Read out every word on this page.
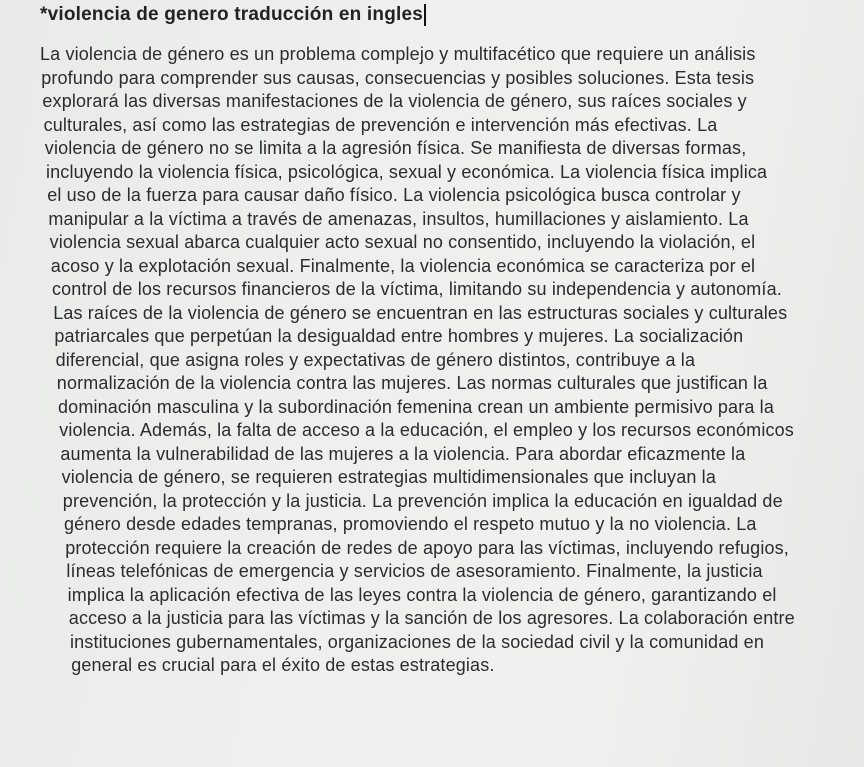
*violencia de genero traducción en ingles
La violencia de género es un problema complejo y multifacético que requiere un análisis
profundo para comprender sus causas, consecuencias y posibles soluciones. Esta tesis
explorará las diversas manifestaciones de la violencia de género, sus raíces sociales y
culturales, así como las estrategias de prevención e intervención más efectivas. La
violencia de género no se limita a la agresión física. Se manifiesta de diversas formas,
incluyendo la violencia física, psicológica, sexual y económica. La violencia física implica
el uso de la fuerza para causar daño físico. La violencia psicológica busca controlar y
manipular a la víctima a través de amenazas, insultos, humillaciones y aislamiento. La
violencia sexual abarca cualquier acto sexual no consentido, incluyendo la violación, el
acoso y la explotación sexual. Finalmente, la violencia económica se caracteriza por el
control de los recursos financieros de la víctima, limitando su independencia y autonomía.
Las raíces de la violencia de género se encuentran en las estructuras sociales y culturales
patriarcales que perpetúan la desigualdad entre hombres y mujeres. La socialización
diferencial, que asigna roles y expectativas de género distintos, contribuye a la
normalización de la violencia contra las mujeres. Las normas culturales que justifican la
dominación masculina y la subordinación femenina crean un ambiente permisivo para la
violencia. Además, la falta de acceso a la educación, el empleo y los recursos económicos
aumenta la vulnerabilidad de las mujeres a la violencia. Para abordar eficazmente la
violencia de género, se requieren estrategias multidimensionales que incluyan la
prevención, la protección y la justicia. La prevención implica la educación en igualdad de
género desde edades tempranas, promoviendo el respeto mutuo y la no violencia. La
protección requiere la creación de redes de apoyo para las víctimas, incluyendo refugios,
líneas telefónicas de emergencia y servicios de asesoramiento. Finalmente, la justicia
implica la aplicación efectiva de las leyes contra la violencia de género, garantizando el
acceso a la justicia para las víctimas y la sanción de los agresores. La colaboración entre
instituciones gubernamentales, organizaciones de la sociedad civil y la comunidad en
general es crucial para el éxito de estas estrategias.
